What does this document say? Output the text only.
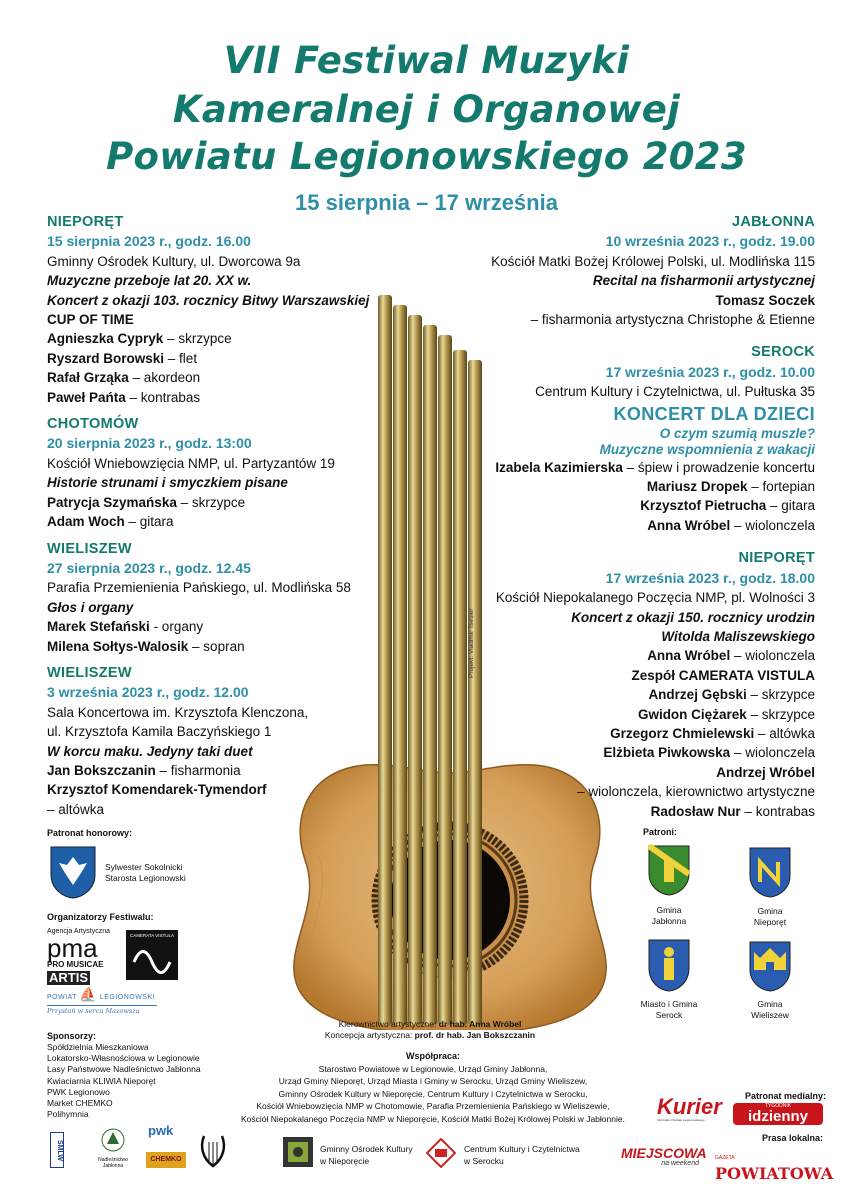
VII Festiwal Muzyki
Kameralnej i Organowej
Powiatu Legionowskiego 2023
15 sierpnia – 17 września
Projekt: Vladimir Tsesler
NIEPORĘT
15 sierpnia 2023 r., godz. 16.00
Gminny Ośrodek Kultury, ul. Dworcowa 9a
Muzyczne przeboje lat 20. XX w.
Koncert z okazji 103. rocznicy Bitwy Warszawskiej
CUP OF TIME
Agnieszka Cypryk – skrzypce
Ryszard Borowski – flet
Rafał Grząka – akordeon
Paweł Pańta – kontrabas
CHOTOMÓW
20 sierpnia 2023 r., godz. 13:00
Kościół Wniebowzięcia NMP, ul. Partyzantów 19
Historie strunami i smyczkiem pisane
Patrycja Szymańska – skrzypce
Adam Woch – gitara
WIELISZEW
27 sierpnia 2023 r., godz. 12.45
Parafia Przemienienia Pańskiego, ul. Modlińska 58
Głos i organy
Marek Stefański - organy
Milena Sołtys-Walosik – sopran
WIELISZEW
3 września 2023 r., godz. 12.00
Sala Koncertowa im. Krzysztofa Klenczona,
ul. Krzysztofa Kamila Baczyńskiego 1
W korcu maku. Jedyny taki duet
Jan Bokszczanin – fisharmonia
Krzysztof Komendarek-Tymendorf
– altówka
JABŁONNA
10 września 2023 r., godz. 19.00
Kościół Matki Bożej Królowej Polski, ul. Modlińska 115
Recital na fisharmonii artystycznej
Tomasz Soczek
– fisharmonia artystyczna Christophe & Etienne
SEROCK
17 września 2023 r., godz. 10.00
Centrum Kultury i Czytelnictwa, ul. Pułtuska 35
KONCERT DLA DZIECI
O czym szumią muszle?
Muzyczne wspomnienia z wakacji
Izabela Kazimierska – śpiew i prowadzenie koncertu
Mariusz Dropek – fortepian
Krzysztof Pietrucha – gitara
Anna Wróbel – wiolonczela
NIEPORĘT
17 września 2023 r., godz. 18.00
Kościół Niepokalanego Poczęcia NMP, pl. Wolności 3
Koncert z okazji 150. rocznicy urodzin
Witolda Maliszewskiego
Anna Wróbel – wiolonczela
Zespół CAMERATA VISTULA
Andrzej Gębski – skrzypce
Gwidon Ciężarek – skrzypce
Grzegorz Chmielewski – altówka
Elżbieta Piwkowska – wiolonczela
Andrzej Wróbel
– wiolonczela, kierownictwo artystyczne
Radosław Nur – kontrabas
Patronat honorowy:
Sylwester Sokolnicki
Starosta Legionowski
Organizatorzy Festiwalu:
Agencja Artystyczna
pma
PRO MUSICAE
ARTIS
CAMERATA VISTULA
POWIAT ⛵ LEGIONOWSKI
Przystań w sercu Mazowsza
Sponsorzy:
Spółdzielnia Mieszkaniowa
Lokatorsko-Własnościowa w Legionowie
Lasy Państwowe Nadleśnictwo Jabłonna
Kwiaciarnia KLIWIA Nieporęt
PWK Legionowo
Market CHEMKO
Polihymnia
SMLW	Nadleśnictwo Jabłonna
pwk
CHEMKO
Kierownictwo artystyczne: dr hab. Anna Wróbel
Koncepcja artystyczna: prof. dr hab. Jan Bokszczanin
Współpraca:
Starostwo Powiatowe w Legionowie, Urząd Gminy Jabłonna,
Urząd Gminy Nieporęt, Urząd Miasta i Gminy w Serocku, Urząd Gminy Wieliszew,
Gminny Ośrodek Kultury w Nieporęcie, Centrum Kultury i Czytelnictwa w Serocku,
Kościół Wniebowzięcia NMP w Chotomowie, Parafia Przemienienia Pańskiego w Wieliszewie,
Kościół Niepokalanego Poczęcia NMP w Nieporęcie, Kościół Matki Bożej Królowej Polski w Jabłonnie.
Patroni:
Gmina
Jabłonna
Gmina
Nieporęt
Miasto i Gmina
Serock
Gmina
Wieliszew
Gminny Ośrodek Kultury
w Nieporęcie
Centrum Kultury i Czytelnictwa
w Serocku
Patronat medialny:
Kurier
Informator Powiatu Legionowskiego
TYGODNIK
idzienny
Prasa lokalna:
MIEJSCOWA
na weekend
GAZETA POWIATOWA
